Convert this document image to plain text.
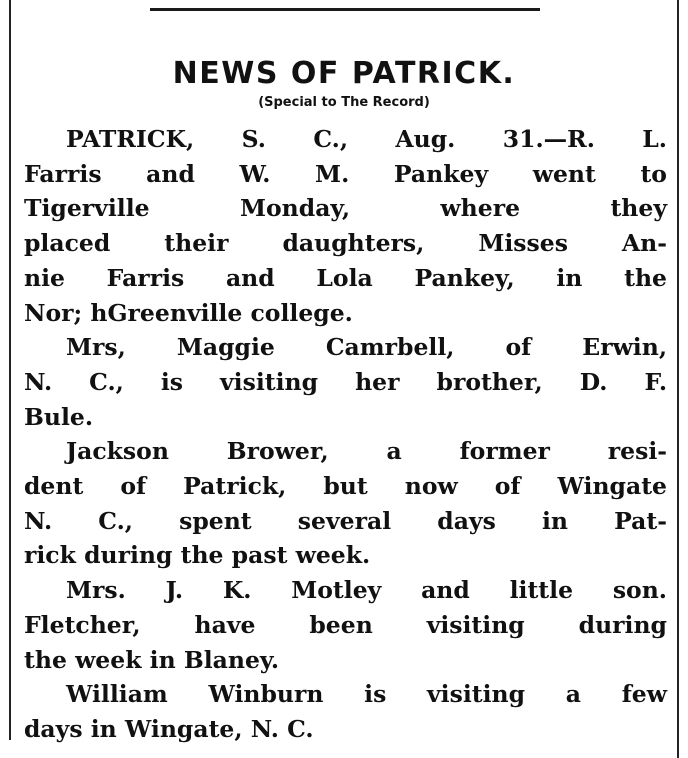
NEWS OF PATRICK.
(Special to The Record)
PATRICK, S. C., Aug. 31.—R. L.
Farris and W. M. Pankey went to
Tigerville Monday, where they
placed their daughters, Misses An-
nie Farris and Lola Pankey, in the
Nor; hGreenville college.
Mrs, Maggie Camrbell, of Erwin,
N. C., is visiting her brother, D. F.
Bule.
Jackson Brower, a former resi-
dent of Patrick, but now of Wingate
N. C., spent several days in Pat-
rick during the past week.
Mrs. J. K. Motley and little son.
Fletcher, have been visiting during
the week in Blaney.
William Winburn is visiting a few
days in Wingate, N. C.
